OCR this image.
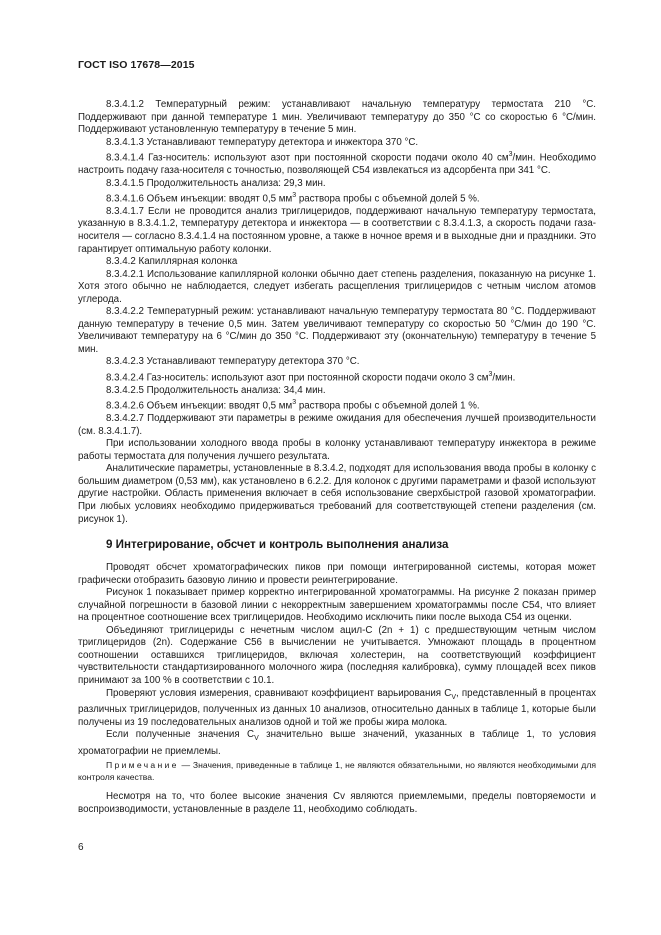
ГОСТ ISO 17678—2015

8.3.4.1.2 Температурный режим: устанавливают начальную температуру термостата 210 °C. Поддерживают при данной температуре 1 мин. Увеличивают температуру до 350 °C со скоростью 6 °C/мин. Поддерживают установленную температуру в течение 5 мин.

8.3.4.1.3 Устанавливают температуру детектора и инжектора 370 °C.

8.3.4.1.4 Газ-носитель: используют азот при постоянной скорости подачи около 40 $см^3$/мин. Необходимо настроить подачу газа-носителя с точностью, позволяющей C54 извлекаться из адсорбента при 341 °C.

8.3.4.1.5 Продолжительность анализа: 29,3 мин.

8.3.4.1.6 Объем инъекции: вводят 0,5 $мм^3$ раствора пробы с объемной долей 5 %.

8.3.4.1.7 Если не проводится анализ триглицеридов, поддерживают начальную температуру термостата, указанную в 8.3.4.1.2, температуру детектора и инжектора — в соответствии с 8.3.4.1.3, а скорость подачи газа-носителя — согласно 8.3.4.1.4 на постоянном уровне, а также в ночное время и в выходные дни и праздники. Это гарантирует оптимальную работу колонки.

8.3.4.2 Капиллярная колонка

8.3.4.2.1 Использование капиллярной колонки обычно дает степень разделения, показанную на рисунке 1. Хотя этого обычно не наблюдается, следует избегать расщепления триглицеридов с четным числом атомов углерода.

8.3.4.2.2 Температурный режим: устанавливают начальную температуру термостата 80 °C. Поддерживают данную температуру в течение 0,5 мин. Затем увеличивают температуру со скоростью 50 °C/мин до 190 °C. Увеличивают температуру на 6 °C/мин до 350 °C. Поддерживают эту (окончательную) температуру в течение 5 мин.

8.3.4.2.3 Устанавливают температуру детектора 370 °C.

8.3.4.2.4 Газ-носитель: используют азот при постоянной скорости подачи около 3 $см^3$/мин.

8.3.4.2.5 Продолжительность анализа: 34,4 мин.

8.3.4.2.6 Объем инъекции: вводят 0,5 $мм^3$ раствора пробы с объемной долей 1 %.

8.3.4.2.7 Поддерживают эти параметры в режиме ожидания для обеспечения лучшей производительности (см. 8.3.4.1.7).

При использовании холодного ввода пробы в колонку устанавливают температуру инжектора в режиме работы термостата для получения лучшего результата.

Аналитические параметры, установленные в 8.3.4.2, подходят для использования ввода пробы в колонку с большим диаметром (0,53 мм), как установлено в 6.2.2. Для колонок с другими параметрами и фазой используют другие настройки. Область применения включает в себя использование сверхбыстрой газовой хроматографии. При любых условиях необходимо придерживаться требований для соответствующей степени разделения (см. рисунок 1).

9 Интегрирование, обсчет и контроль выполнения анализа

Проводят обсчет хроматографических пиков при помощи интегрированной системы, которая может графически отобразить базовую линию и провести реинтегрирование.

Рисунок 1 показывает пример корректно интегрированной хроматограммы. На рисунке 2 показан пример случайной погрешности в базовой линии с некорректным завершением хроматограммы после C54, что влияет на процентное соотношение всех триглицеридов. Необходимо исключить пики после выхода C54 из оценки.

Объединяют триглицериды с нечетным числом ацил-C (2n + 1) с предшествующим четным числом триглицеридов (2n). Содержание C56 в вычислении не учитывается. Умножают площадь в процентном соотношении оставшихся триглицеридов, включая холестерин, на соответствующий коэффициент чувствительности стандартизированного молочного жира (последняя калибровка), сумму площадей всех пиков принимают за 100 % в соответствии с 10.1.

Проверяют условия измерения, сравнивают коэффициент варьирования $C_V$, представленный в процентах различных триглицеридов, полученных из данных 10 анализов, относительно данных в таблице 1, которые были получены из 19 последовательных анализов одной и той же пробы жира молока.

Если полученные значения $C_V$ значительно выше значений, указанных в таблице 1, то условия хроматографии не приемлемы.

Примечание — Значения, приведенные в таблице 1, не являются обязательными, но являются необходимыми для контроля качества.

Несмотря на то, что более высокие значения Cv являются приемлемыми, пределы повторяемости и воспроизводимости, установленные в разделе 11, необходимо соблюдать.

6
